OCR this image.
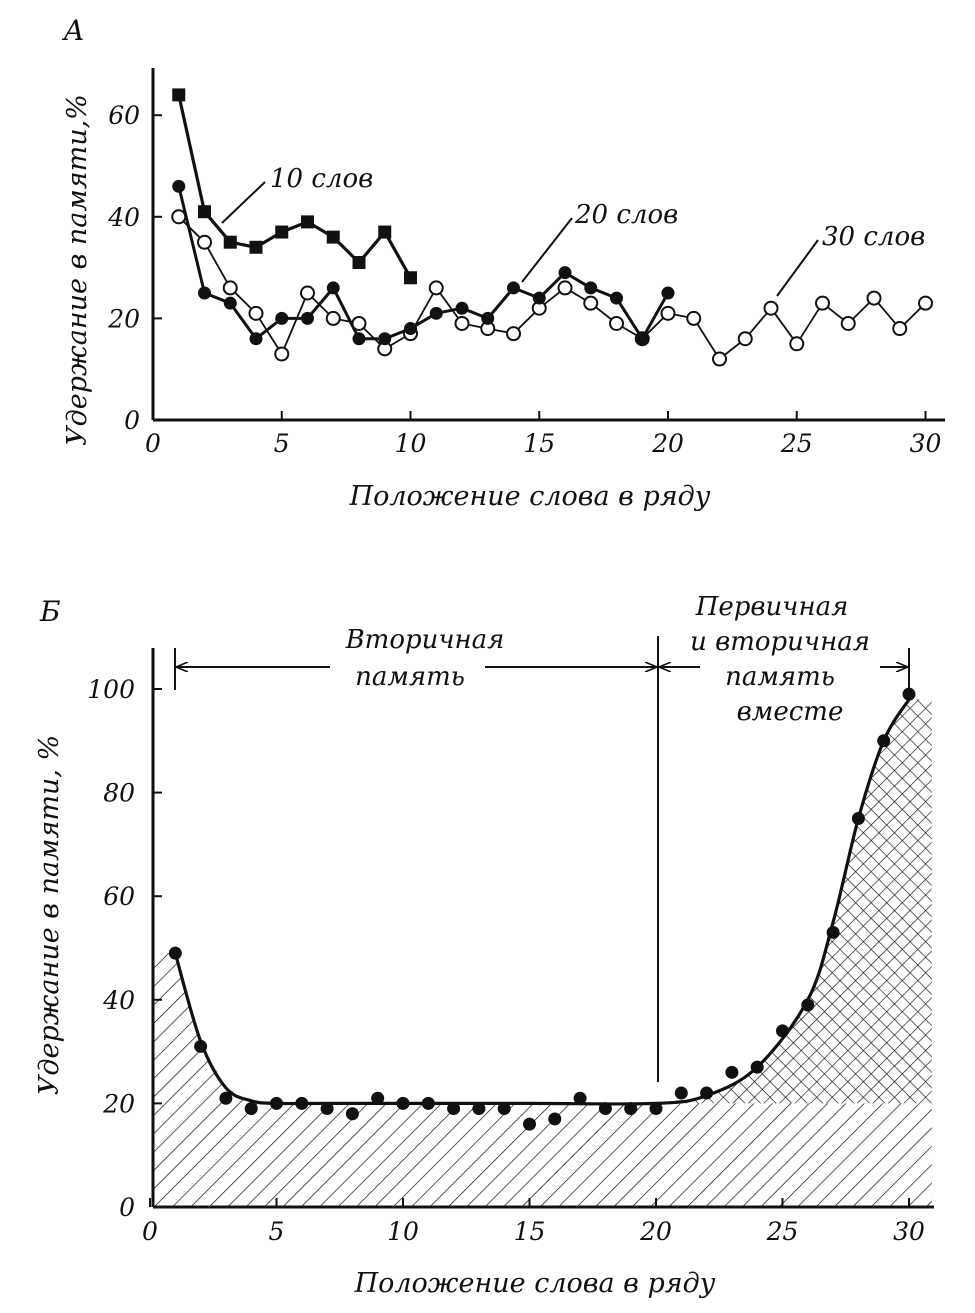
A
0	5	10	15	20	25	30
0
20
40
60
Положение слова в ряду
Удержание в памяти,%	10 слов
20 слов
30 слов
Б
0	5	10	15	20	25	30
0
20
40
60
80
100
Вторичная
память
Первичная
и вторичная
память
вместе
Положение слова в ряду
Удержание в памяти, %
